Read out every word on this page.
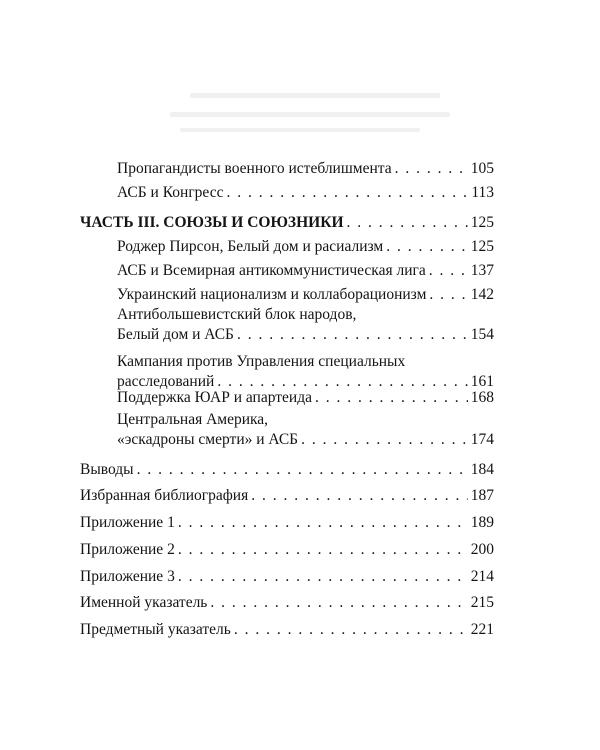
Пропагандисты военного истеблишмента . . .	105
АСБ и Конгресс . . .	113
ЧАСТЬ III. СОЮЗЫ И СОЮЗНИКИ . . .	125
Роджер Пирсон, Белый дом и расиализм . . .	125
АСБ и Всемирная антикоммунистическая лига . . .	137
Украинский национализм и коллаборационизм . . .	142
Антибольшевистский блок народов,
Белый дом и АСБ . . .	154
Кампания против Управления специальных
расследований . . .	161
Поддержка ЮАР и апартеида . . .	168
Центральная Америка,
«эскадроны смерти» и АСБ . . .	174
Выводы . . .	184
Избранная библиография . . .	187
Приложение 1 . . .	189
Приложение 2 . . .	200
Приложение 3 . . .	214
Именной указатель . . .	215
Предметный указатель . . .	221
